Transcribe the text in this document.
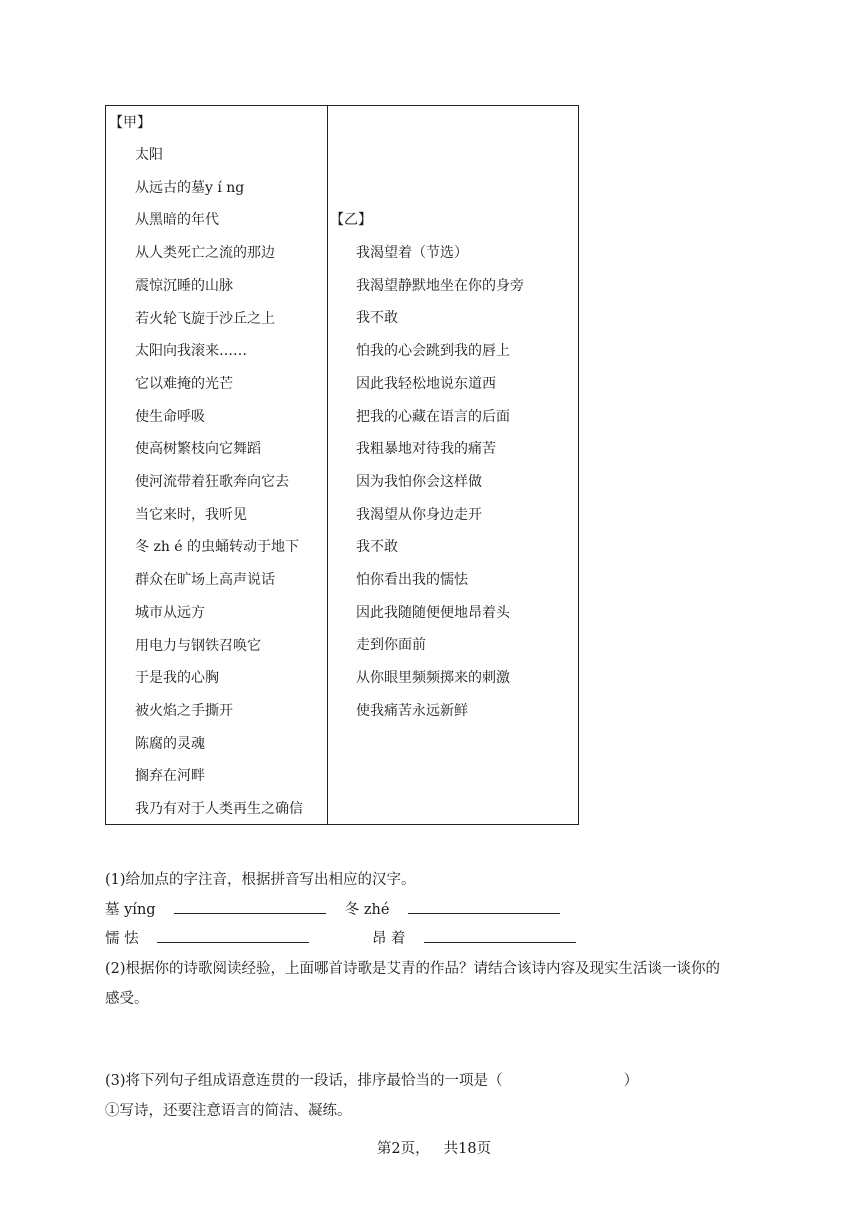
【甲】
太阳
从远古的墓y í ng
从黑暗的年代
从人类死亡之流的那边
震惊沉睡的山脉
若火轮飞旋于沙丘之上
太阳向我滚来……
它以难掩的光芒
使生命呼吸
使高树繁枝向它舞蹈
使河流带着狂歌奔向它去
当它来时，我听见
冬 zh é 的虫蛹转动于地下
群众在旷场上高声说话
城市从远方
用电力与钢铁召唤它
于是我的心胸
被火焰之手撕开
陈腐的灵魂
搁弃在河畔
我乃有对于人类再生之确信
【乙】
我渴望着（节选）
我渴望静默地坐在你的身旁
我不敢
怕我的心会跳到我的唇上
因此我轻松地说东道西
把我的心藏在语言的后面
我粗暴地对待我的痛苦
因为我怕你会这样做
我渴望从你身边走开
我不敢
怕你看出我的懦怯
因此我随随便便地昂着头
走到你面前
从你眼里频频掷来的刺激
使我痛苦永远新鲜
(1)给加点的字注音，根据拼音写出相应的汉字。
墓 yíng	冬 zhé
懦 怯	昂 着
(2)根据你的诗歌阅读经验，上面哪首诗歌是艾青的作品？请结合该诗内容及现实生活谈一谈你的
感受。
(3)将下列句子组成语意连贯的一段话，排序最恰当的一项是（	）
①写诗，还要注意语言的简洁、凝练。
第2页， 共18页
